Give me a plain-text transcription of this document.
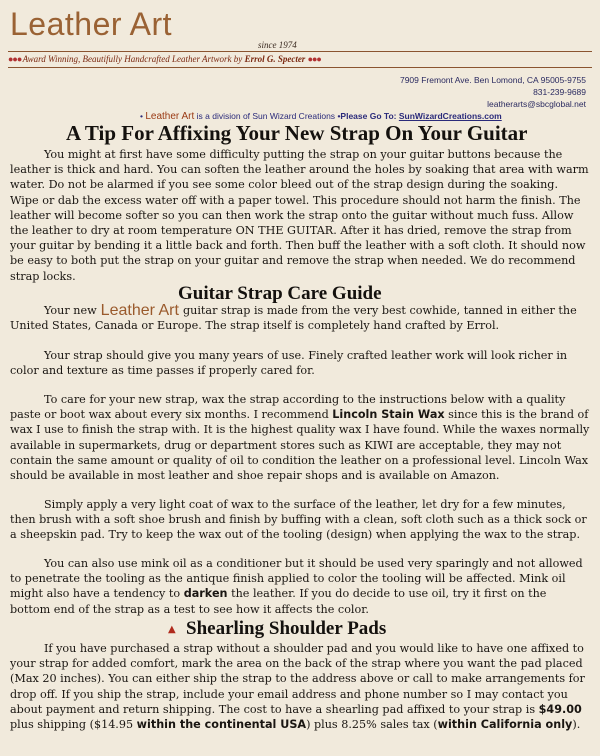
Leather Art
since 1974
●●● Award Winning, Beautifully Handcrafted Leather Artwork by Errol G. Specter ●●●
7909 Fremont Ave. Ben Lomond, CA 95005-9755
831-239-9689
leatherarts@sbcglobal.net
• Leather Art is a division of Sun Wizard Creations •Please Go To: SunWizardCreations.com
A Tip For Affixing Your New Strap On Your Guitar

You might at first have some difficulty putting the strap on your guitar buttons because the leather is thick and hard. You can soften the leather around the holes by soaking that area with warm water. Do not be alarmed if you see some color bleed out of the strap design during the soaking. Wipe or dab the excess water off with a paper towel. This procedure should not harm the finish. The leather will become softer so you can then work the strap onto the guitar without much fuss. Allow the leather to dry at room temperature ON THE GUITAR. After it has dried, remove the strap from your guitar by bending it a little back and forth. Then buff the leather with a soft cloth. It should now be easy to both put the strap on your guitar and remove the strap when needed. We do recommend strap locks.

Guitar Strap Care Guide

Your new Leather Art guitar strap is made from the very best cowhide, tanned in either the United States, Canada or Europe. The strap itself is completely hand crafted by Errol.

Your strap should give you many years of use. Finely crafted leather work will look richer in color and texture as time passes if properly cared for.

To care for your new strap, wax the strap according to the instructions below with a quality paste or boot wax about every six months. I recommend Lincoln Stain Wax since this is the brand of wax I use to finish the strap with. It is the highest quality wax I have found. While the waxes normally available in supermarkets, drug or department stores such as KIWI are acceptable, they may not contain the same amount or quality of oil to condition the leather on a professional level. Lincoln Wax should be available in most leather and shoe repair shops and is available on Amazon.

Simply apply a very light coat of wax to the surface of the leather, let dry for a few minutes, then brush with a soft shoe brush and finish by buffing with a clean, soft cloth such as a thick sock or a sheepskin pad. Try to keep the wax out of the tooling (design) when applying the wax to the strap.

You can also use mink oil as a conditioner but it should be used very sparingly and not allowed to penetrate the tooling as the antique finish applied to color the tooling will be affected. Mink oil might also have a tendency to darken the leather. If you do decide to use oil, try it first on the bottom end of the strap as a test to see how it affects the color.

▲ Shearling Shoulder Pads

If you have purchased a strap without a shoulder pad and you would like to have one affixed to your strap for added comfort, mark the area on the back of the strap where you want the pad placed (Max 20 inches). You can either ship the strap to the address above or call to make arrangements for drop off. If you ship the strap, include your email address and phone number so I may contact you about payment and return shipping. The cost to have a shearling pad affixed to your strap is $49.00 plus shipping ($14.95 within the continental USA) plus 8.25% sales tax (within California only).
